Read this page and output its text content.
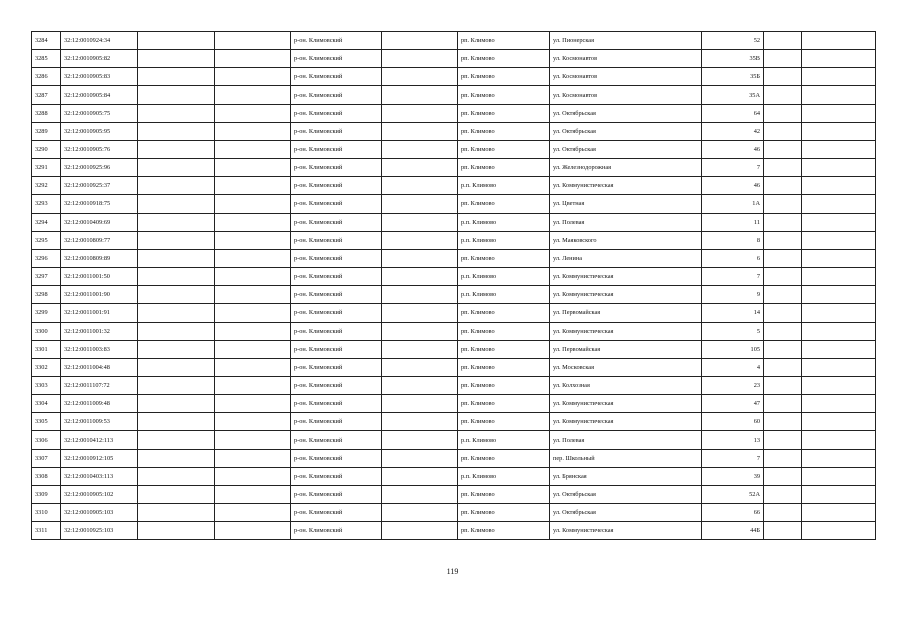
3284	32:12:0010924:34			р-он. Климовский		рп. Климово	ул. Пионерская	52		
3285	32:12:0010905:82			р-он. Климовский		рп. Климово	ул. Космонавтов	35В		
3286	32:12:0010905:83			р-он. Климовский		рп. Климово	ул. Космонавтов	35Б		
3287	32:12:0010905:84			р-он. Климовский		рп. Климово	ул. Космонавтов	35А		
3288	32:12:0010905:75			р-он. Климовский		рп. Климово	ул. Октябрьская	64		
3289	32:12:0010905:95			р-он. Климовский		рп. Климово	ул. Октябрьская	42		
3290	32:12:0010905:76			р-он. Климовский		рп. Климово	ул. Октябрьская	46		
3291	32:12:0010925:96			р-он. Климовский		рп. Климово	ул. Железнодорожная	7		
3292	32:12:0010925:37			р-он. Климовский		р.п. Климово	ул. Коммунистическая	46		
3293	32:12:0010918:75			р-он. Климовский		рп. Климово	ул. Цветная	1А		
3294	32:12:0010409:69			р-он. Климовский		р.п. Климово	ул. Полевая	11		
3295	32:12:0010809:77			р-он. Климовский		р.п. Климово	ул. Маяковского	8		
3296	32:12:0010809:89			р-он. Климовский		рп. Климово	ул. Ленина	6		
3297	32:12:0011001:50			р-он. Климовский		р.п. Климово	ул. Коммунистическая	7		
3298	32:12:0011001:90			р-он. Климовский		р.п. Климово	ул. Коммунистическая	9		
3299	32:12:0011001:91			р-он. Климовский		рп. Климово	ул. Первомайская	14		
3300	32:12:0011001:32			р-он. Климовский		рп. Климово	ул. Коммунистическая	5		
3301	32:12:0011003:83			р-он. Климовский		рп. Климово	ул. Первомайская	105		
3302	32:12:0011004:48			р-он. Климовский		рп. Климово	ул. Московская	4		
3303	32:12:0011107:72			р-он. Климовский		рп. Климово	ул. Колхозная	23		
3304	32:12:0011009:48			р-он. Климовский		рп. Климово	ул. Коммунистическая	47		
3305	32:12:0011009:53			р-он. Климовский		рп. Климово	ул. Коммунистическая	60		
3306	32:12:0010412:113			р-он. Климовский		р.п. Климово	ул. Полевая	13		
3307	32:12:0010912:105			р-он. Климовский		рп. Климово	пер. Школьный	7		
3308	32:12:0010403:113			р-он. Климовский		р.п. Климово	ул. Брянская	39		
3309	32:12:0010905:102			р-он. Климовский		рп. Климово	ул. Октябрьская	52А		
3310	32:12:0010905:103			р-он. Климовский		рп. Климово	ул. Октябрьская	66		
3311	32:12:0010925:103			р-он. Климовский		рп. Климово	ул. Коммунистическая	44Б		
119
